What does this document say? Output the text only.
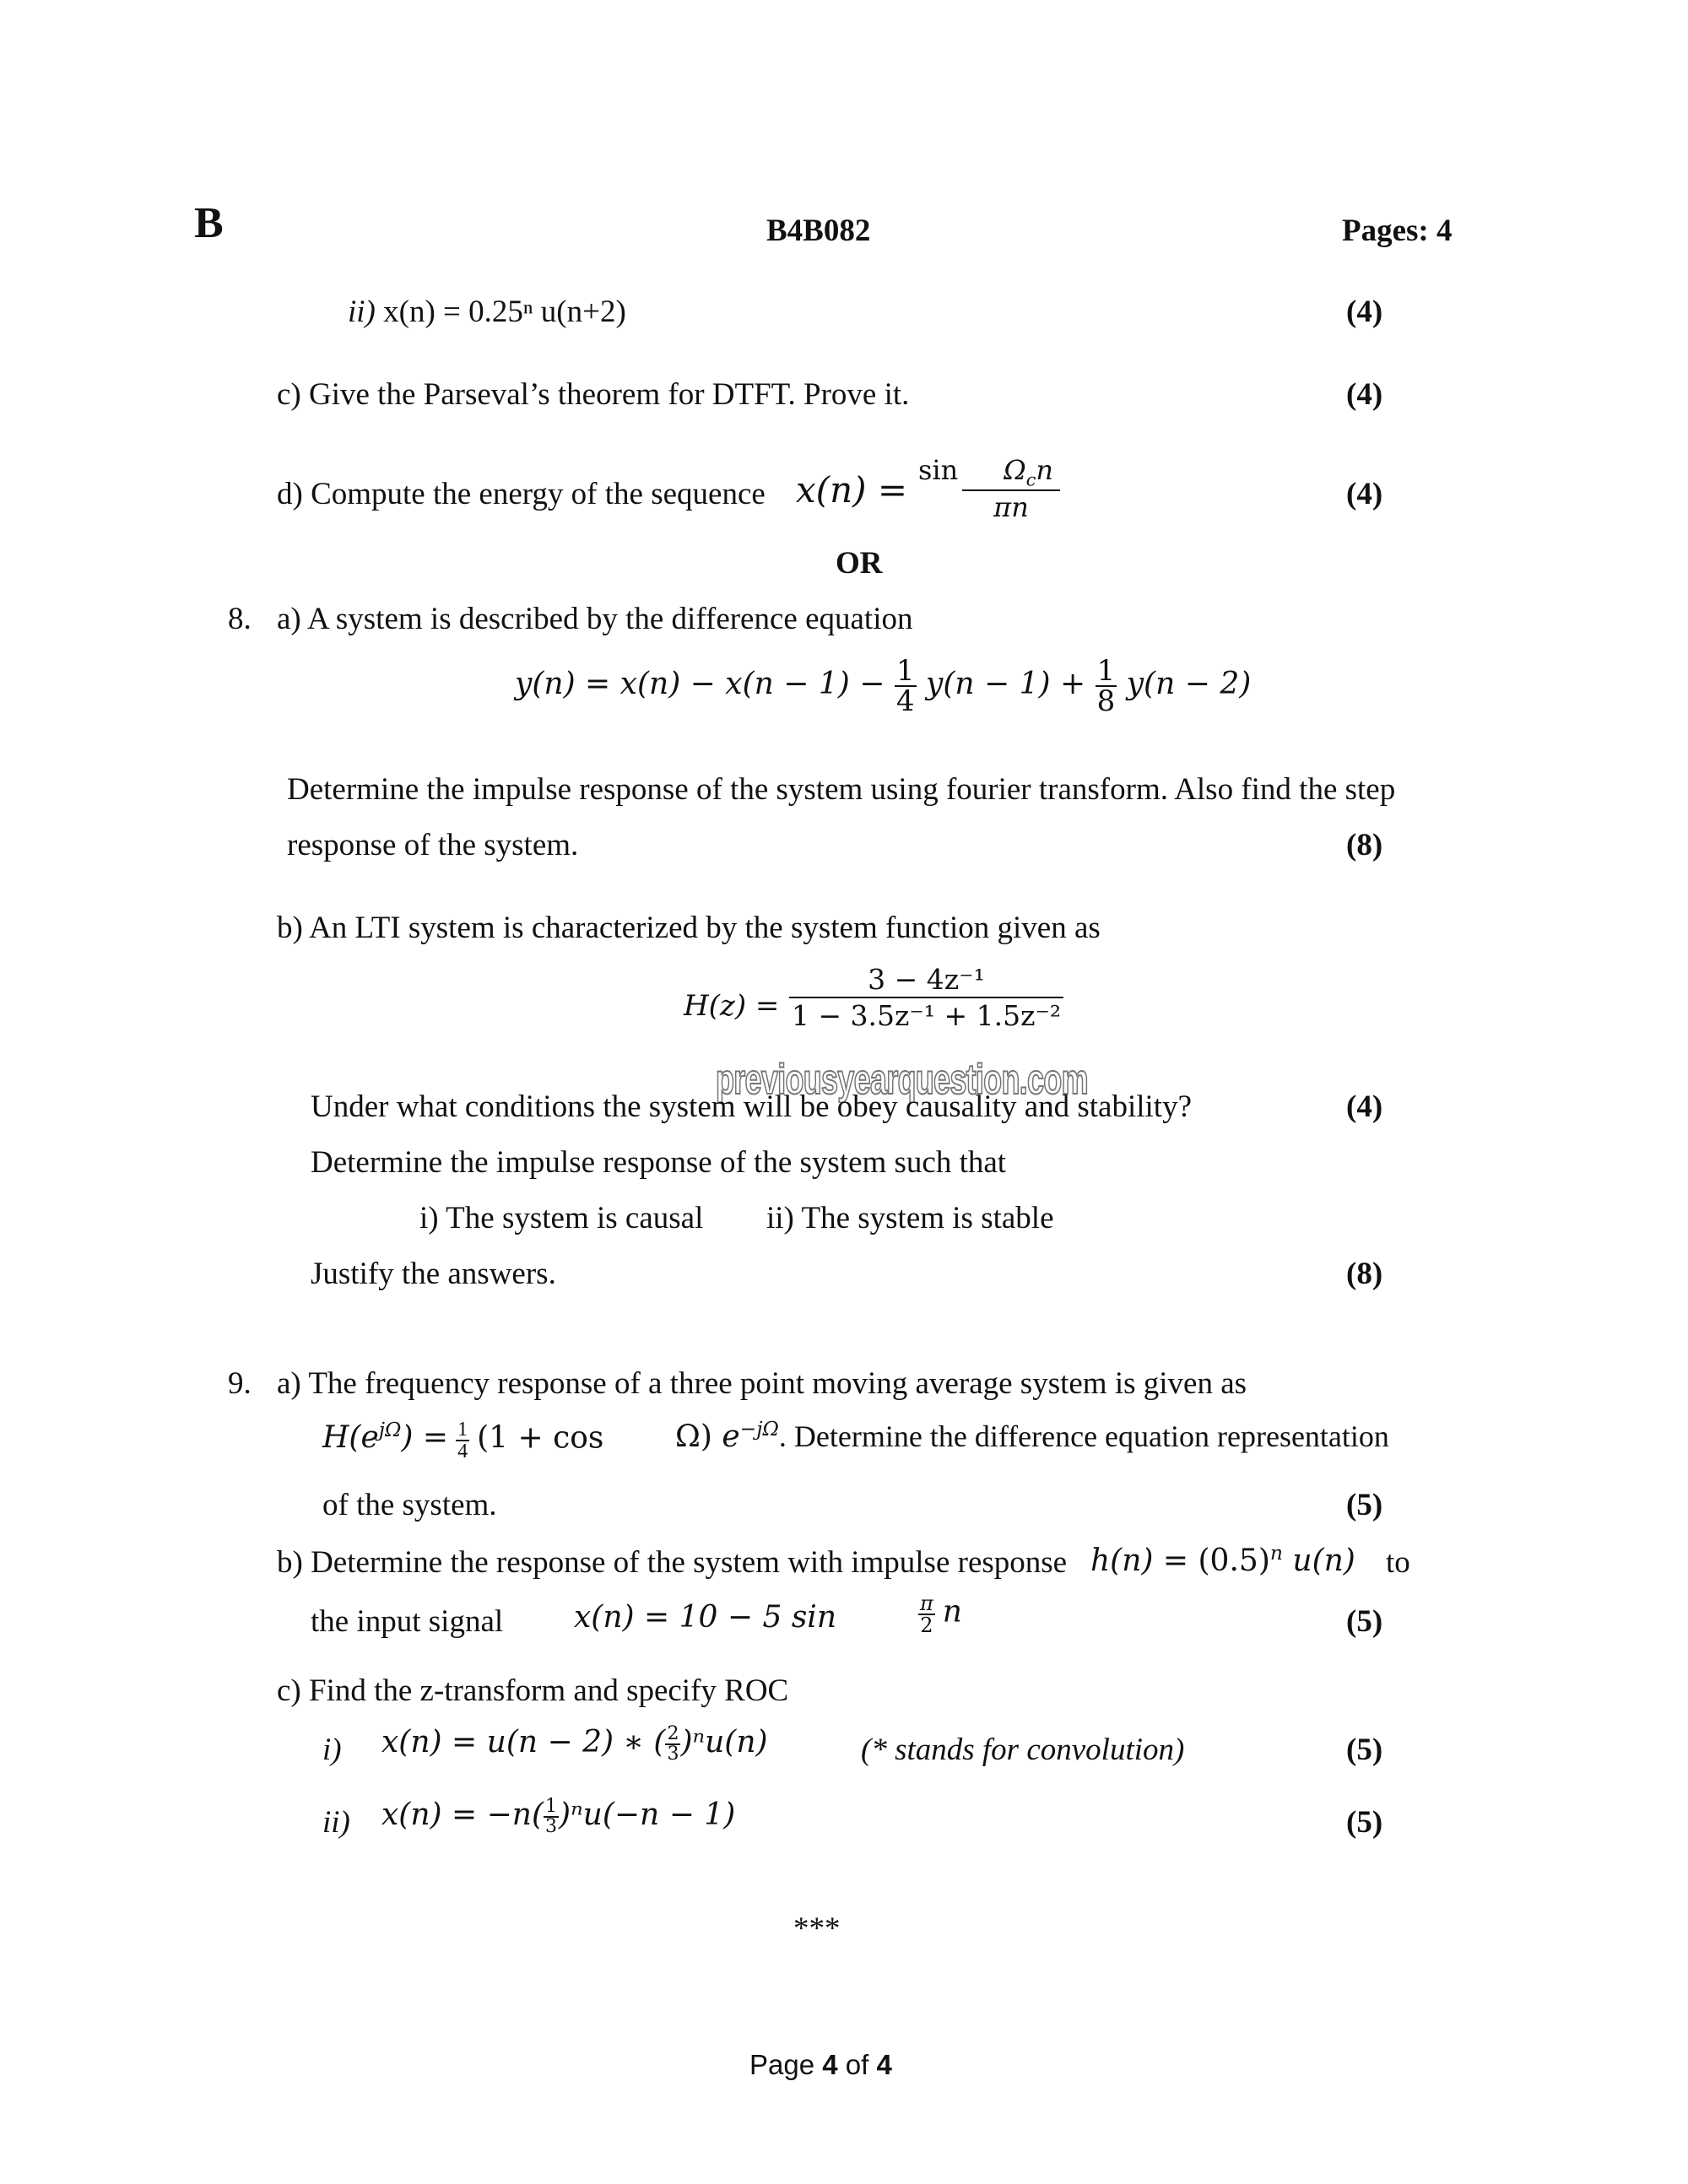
B	B4B082	Pages: 4
ii) x(n) = 0.25ⁿ u(n+2)	(4)
c) Give the Parseval’s theorem for DTFT. Prove it.	(4)
d) Compute the energy of the sequence $x(n) = \sin \Omega_cn$
πn	(4)
OR
8. a) A system is described by the difference equation
$y(n) = x(n) - x(n - 1) - \frac{1}{4} y(n - 1) + \frac{1}{8} y(n - 2)$
Determine the impulse response of the system using fourier transform. Also find the step
response of the system.	(8)
b) An LTI system is characterized by the system function given as
$H(z) = \frac{\text{3 − 4z⁻¹}}{\text{1 − 3.5z⁻¹ + 1.5z⁻²}}$
previousyearquestion.com
Under what conditions the system will be obey causality and stability?	(4)
Determine the impulse response of the system such that
i) The system is causal ii) The system is stable
Justify the answers.	(8)
9. a) The frequency response of a three point moving average system is given as
$H(e^{j\Omega}) = \frac{1}{4} (1 + \cos \Omega)$ $e^{-j\Omega}$. Determine the difference equation representation
of the system.	(5)
b) Determine the response of the system with impulse response $h(n) = (0.5)^n$ u(n) to
the input signal x(n) = 10 − 5 sin	$\frac{\pi}{2}$ n	(5)
c) Find the z-transform and specify ROC
i) x(n) = u(n − 2) ∗ ( $\frac{2}{3} )^nu(n)$	(* stands for convolution)	(5)
ii) $x(n) = -n( \frac{1}{3} )^nu(-n - 1)$	(5)
***
Page 4 of 4
